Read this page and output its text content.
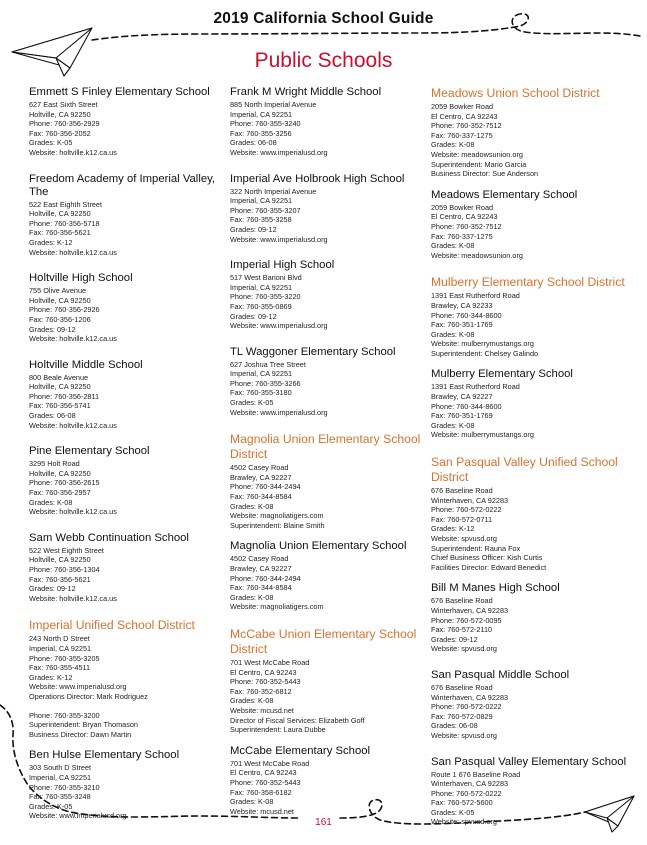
2019 California School Guide
Public Schools
Emmett S Finley Elementary School
627 East Sixth Street
Holtville, CA 92250
Phone: 760-356-2929
Fax: 760-356-2052
Grades: K-05
Website: holtville.k12.ca.us
Freedom Academy of Imperial Valley, The
522 East Eighth Street
Holtville, CA 92250
Phone: 760-356-5718
Fax: 760-356-5621
Grades: K-12
Website: holtville.k12.ca.us
Holtville High School
755 Olive Avenue
Holtville, CA 92250
Phone: 760-356-2926
Fax: 760-356-1206
Grades: 09-12
Website: holtville.k12.ca.us
Holtville Middle School
800 Beale Avenue
Holtville, CA 92250
Phone: 760-356-2811
Fax: 760-356-5741
Grades: 06-08
Website: holtville.k12.ca.us
Pine Elementary School
3295 Holt Road
Holtville, CA 92250
Phone: 760-356-2615
Fax: 760-356-2957
Grades: K-08
Website: holtville.k12.ca.us
Sam Webb Continuation School
522 West Eighth Street
Holtville, CA 92250
Phone: 760-356-1304
Fax: 760-356-5621
Grades: 09-12
Website: holtville.k12.ca.us
Imperial Unified School District
243 North D Street
Imperial, CA 92251
Phone: 760-355-3205
Fax: 760-355-4511
Grades: K-12
Website: www.imperialusd.org
Operations Director: Mark Rodriguez
Phone: 760-355-3200
Superintendent: Bryan Thomason
Business Director: Dawn Martin
Ben Hulse Elementary School
303 South D Street
Imperial, CA 92251
Phone: 760-355-3210
Fax: 760-355-3248
Grades: K-05
Website: www.imperialusd.org
Frank M Wright Middle School
885 North Imperial Avenue
Imperial, CA 92251
Phone: 760-355-3240
Fax: 760-355-3256
Grades: 06-08
Website: www.imperialusd.org
Imperial Ave Holbrook High School
322 North Imperial Avenue
Imperial, CA 92251
Phone: 760-355-3207
Fax: 760-355-3258
Grades: 09-12
Website: www.imperialusd.org
Imperial High School
517 West Barioni Blvd
Imperial, CA 92251
Phone: 760-355-3220
Fax: 760-355-0869
Grades: 09-12
Website: www.imperialusd.org
TL Waggoner Elementary School
627 Joshua Tree Street
Imperial, CA 92251
Phone: 760-355-3266
Fax: 760-355-3180
Grades: K-05
Website: www.imperialusd.org
Magnolia Union Elementary School District
4502 Casey Road
Brawley, CA 92227
Phone: 760-344-2494
Fax: 760-344-8584
Grades: K-08
Website: magnoliatigers.com
Superintendent: Blaine Smith
Magnolia Union Elementary School
4502 Casey Road
Brawley, CA 92227
Phone: 760-344-2494
Fax: 760-344-8584
Grades: K-08
Website: magnoliatigers.com
McCabe Union Elementary School District
701 West McCabe Road
El Centro, CA 92243
Phone: 760-352-5443
Fax: 760-352-6812
Grades: K-08
Website: mcusd.net
Director of Fiscal Services: Elizabeth Goff
Superintendent: Laura Dubbe
McCabe Elementary School
701 West McCabe Road
El Centro, CA 92243
Phone: 760-352-5443
Fax: 760-358-6182
Grades: K-08
Website: mcusd.net
Meadows Union School District
2059 Bowker Road
El Centro, CA 92243
Phone: 760-352-7512
Fax: 760-337-1275
Grades: K-08
Website: meadowsunion.org
Superintendent: Mario Garcia
Business Director: Sue Anderson
Meadows Elementary School
2059 Bowker Road
El Centro, CA 92243
Phone: 760-352-7512
Fax: 760-337-1275
Grades: K-08
Website: meadowsunion.org
Mulberry Elementary School District
1391 East Rutherford Road
Brawley, CA 92233
Phone: 760-344-8600
Fax: 760-351-1769
Grades: K-08
Website: mulberrymustangs.org
Superintendent: Chelsey Galindo
Mulberry Elementary School
1391 East Rutherford Road
Brawley, CA 92227
Phone: 760-344-8600
Fax: 760-351-1769
Grades: K-08
Website: mulberrymustangs.org
San Pasqual Valley Unified School District
676 Baseline Road
Winterhaven, CA 92283
Phone: 760-572-0222
Fax: 760-572-0711
Grades: K-12
Website: spvusd.org
Superintendent: Rauna Fox
Chief Business Officer: Kish Curtis
Facilities Director: Edward Benedict
Bill M Manes High School
676 Baseline Road
Winterhaven, CA 92283
Phone: 760-572-0095
Fax: 760-572-2110
Grades: 09-12
Website: spvusd.org
San Pasqual Middle School
676 Baseline Road
Winterhaven, CA 92283
Phone: 760-572-0222
Fax: 760-572-0829
Grades: 06-08
Website: spvusd.org
San Pasqual Valley Elementary School
Route 1 676 Baseline Road
Winterhaven, CA 92283
Phone: 760-572-0222
Fax: 760-572-5600
Grades: K-05
Website: spvusd.org
161
